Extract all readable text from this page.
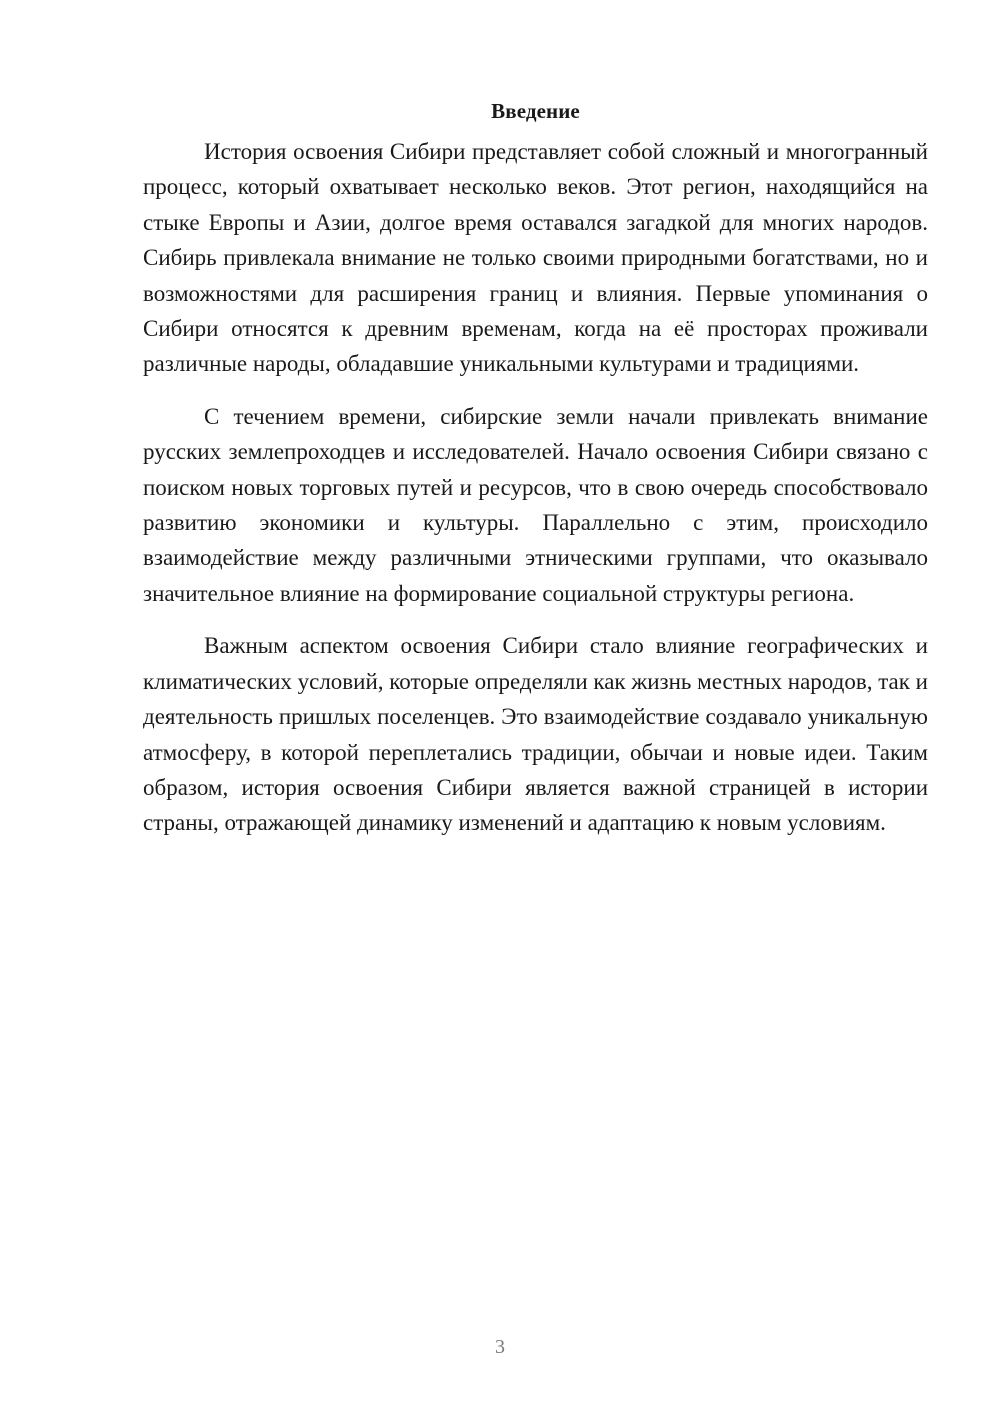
Введение

История освоения Сибири представляет собой сложный и многогранный процесс, который охватывает несколько веков. Этот регион, находящийся на стыке Европы и Азии, долгое время оставался загадкой для многих народов. Сибирь привлекала внимание не только своими природными богатствами, но и возможностями для расширения границ и влияния. Первые упоминания о Сибири относятся к древним временам, когда на её просторах проживали различные народы, обладавшие уникальными культурами и традициями.

С течением времени, сибирские земли начали привлекать внимание русских землепроходцев и исследователей. Начало освоения Сибири связано с поиском новых торговых путей и ресурсов, что в свою очередь способствовало развитию экономики и культуры. Параллельно с этим, происходило взаимодействие между различными этническими группами, что оказывало значительное влияние на формирование социальной структуры региона.

Важным аспектом освоения Сибири стало влияние географических и климатических условий, которые определяли как жизнь местных народов, так и деятельность пришлых поселенцев. Это взаимодействие создавало уникальную атмосферу, в которой переплетались традиции, обычаи и новые идеи. Таким образом, история освоения Сибири является важной страницей в истории страны, отражающей динамику изменений и адаптацию к новым условиям.

3
